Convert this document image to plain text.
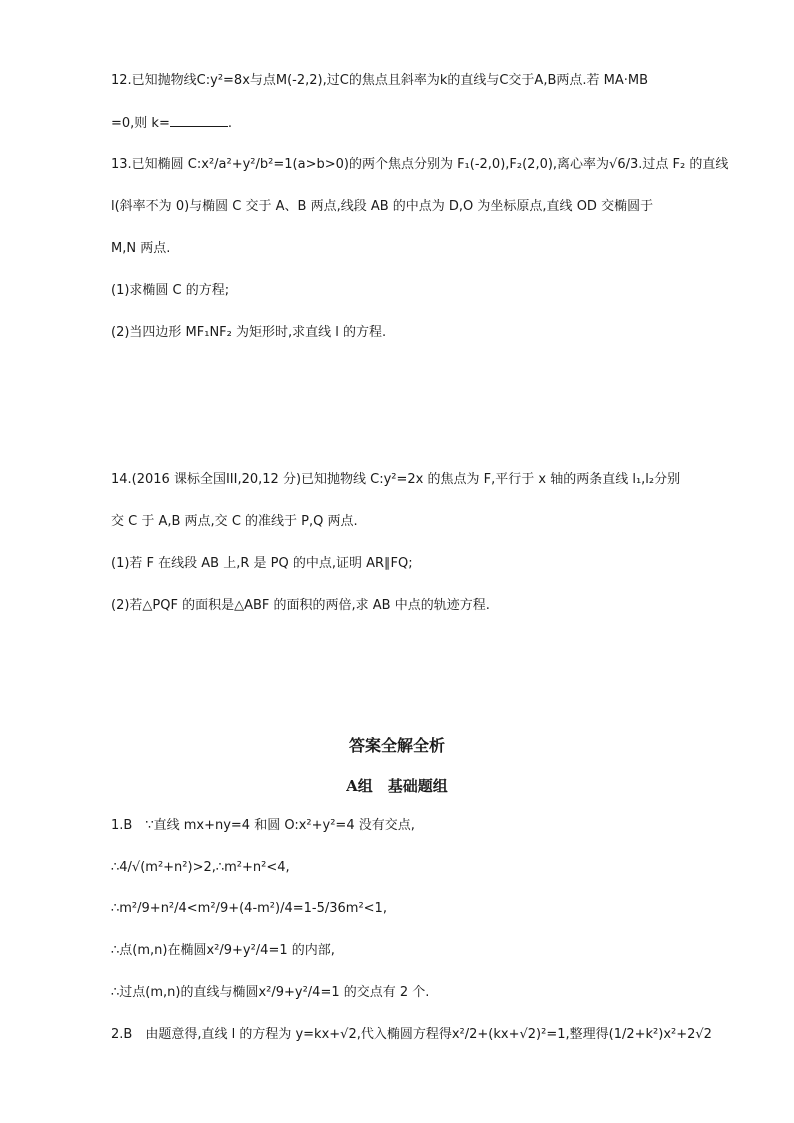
12.已知抛物线C:y²=8x与点M(-2,2),过C的焦点且斜率为k的直线与C交于A,B两点.若 MA·MB
=0,则 k=	.
13.已知椭圆 C:x²/a²+y²/b²=1(a>b>0)的两个焦点分别为 F₁(-2,0),F₂(2,0),离心率为√6/3.过点 F₂ 的直线
l(斜率不为 0)与椭圆 C 交于 A、B 两点,线段 AB 的中点为 D,O 为坐标原点,直线 OD 交椭圆于
M,N 两点.
(1)求椭圆 C 的方程;
(2)当四边形 MF₁NF₂ 为矩形时,求直线 l 的方程.
14.(2016 课标全国III,20,12 分)已知抛物线 C:y²=2x 的焦点为 F,平行于 x 轴的两条直线 l₁,l₂分别
交 C 于 A,B 两点,交 C 的准线于 P,Q 两点.
(1)若 F 在线段 AB 上,R 是 PQ 的中点,证明 AR∥FQ;
(2)若△PQF 的面积是△ABF 的面积的两倍,求 AB 中点的轨迹方程.
答案全解全析
A组　基础题组
1.B　∵直线 mx+ny=4 和圆 O:x²+y²=4 没有交点,
∴4/√(m²+n²)>2,∴m²+n²<4,
∴m²/9+n²/4<m²/9+(4-m²)/4=1-5/36m²<1,
∴点(m,n)在椭圆x²/9+y²/4=1 的内部,
∴过点(m,n)的直线与椭圆x²/9+y²/4=1 的交点有 2 个.
2.B　由题意得,直线 l 的方程为 y=kx+√2,代入椭圆方程得x²/2+(kx+√2)²=1,整理得(1/2+k²)x²+2√2
